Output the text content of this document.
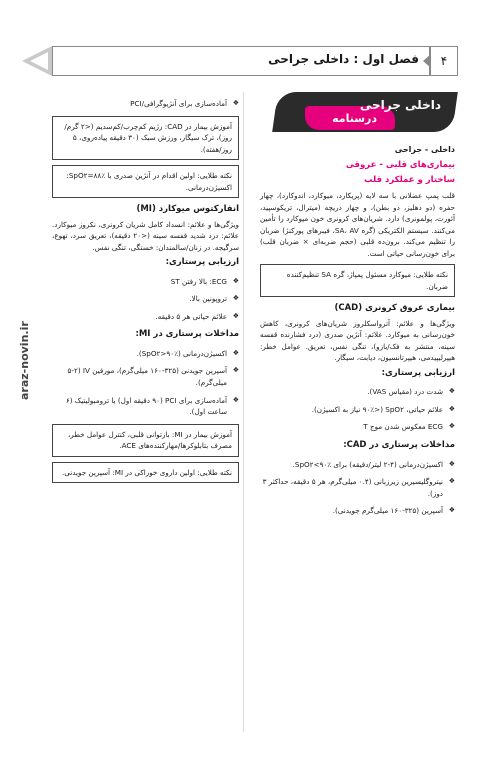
فصل اول : داخلی جراحی	۴
araz-novin.ir
داخلی جراحی
درسنامه
داخلی - جراحی
بیماری‌های قلبی - عروقی
ساختار و عملکرد قلب

قلب پمپ عضلانی با سه لایه (پریکارد، میوکارد، اندوکارد)، چهار حفره (دو دهلیز، دو بطن)، و چهار دریچه (میترال، تریکوسپید، آئورت، پولمونری) دارد. شریان‌های کرونری خون میوکارد را تأمین می‌کنند. سیستم الکتریکی (گره SA، AV، فیبرهای پورکنژ) ضربان را تنظیم می‌کند. برون‌ده قلبی (حجم ضربه‌ای × ضربان قلب) برای خون‌رسانی حیاتی است.

نکته طلایی: میوکارد مسئول پمپاژ، گره SA تنظیم‌کننده ضربان.
بیماری عروق کرونری (CAD)

ویژگی‌ها و علائم: آترواسکلروز شریان‌های کرونری، کاهش خون‌رسانی به میوکارد. علائم: آنژین صدری (درد فشارنده قفسه سینه، منتشر به فک/بازو)، تنگی نفس، تعریق. عوامل خطر: هیپرلیپیدمی، هیپرتانسیون، دیابت، سیگار.

ارزیابی پرستاری:
❖ شدت درد (مقیاس VAS).
❖ علائم حیاتی، SpO۲ (<۹۰٪ نیاز به اکسیژن).
❖ ECG معکوس شدن موج T
مداخلات پرستاری در CAD:
❖ اکسیژن‌درمانی (۴-۲ لیتر/دقیقه) برای SpO۲<۹۰٪.
❖ نیتروگلیسیرین زیرزبانی (۰.۴ میلی‌گرم، هر ۵ دقیقه، حداکثر ۳ دوز).
❖ آسپرین (۳۲۵-۱۶۰ میلی‌گرم جویدنی).
❖ آماده‌سازی برای آنژیوگرافی/PCI
آموزش بیمار در CAD: رژیم کم‌چرب/کم‌سدیم (<۲ گرم/روز)، ترک سیگار، ورزش سبک (۳۰ دقیقه پیاده‌روی، ۵ روز/هفته).
نکته طلایی: اولین اقدام در آنژین صدری با SpO۲=۸۸٪: اکسیژن‌درمانی.
انفارکتوس میوکارد (MI)

ویژگی‌ها و علائم: انسداد کامل شریان کرونری، نکروز میوکارد. علائم: درد شدید قفسه سینه (<۲۰ دقیقه)، تعریق سرد، تهوع، سرگیجه. در زنان/سالمندان: خستگی، تنگی نفس.

ارزیابی پرستاری:
❖ ECG: بالا رفتن ST
❖ تروپونین بالا.
❖ علائم حیاتی هر ۵ دقیقه.
مداخلات پرستاری در MI:
❖ اکسیژن‌درمانی (SpO۲>۹۰٪).
❖ آسپرین جویدنی (۳۲۵-۱۶۰ میلی‌گرم)، مورفین IV (۵-۲ میلی‌گرم).
❖ آماده‌سازی برای PCI (۹۰ دقیقه اول) یا ترومبولیتیک (۶ ساعت اول).
آموزش بیمار در MI: بازتوانی قلبی، کنترل عوامل خطر، مصرف بتابلوکرها/مهارکننده‌های ACE.
نکته طلایی: اولین داروی خوراکی در MI: آسپرین جویدنی.
